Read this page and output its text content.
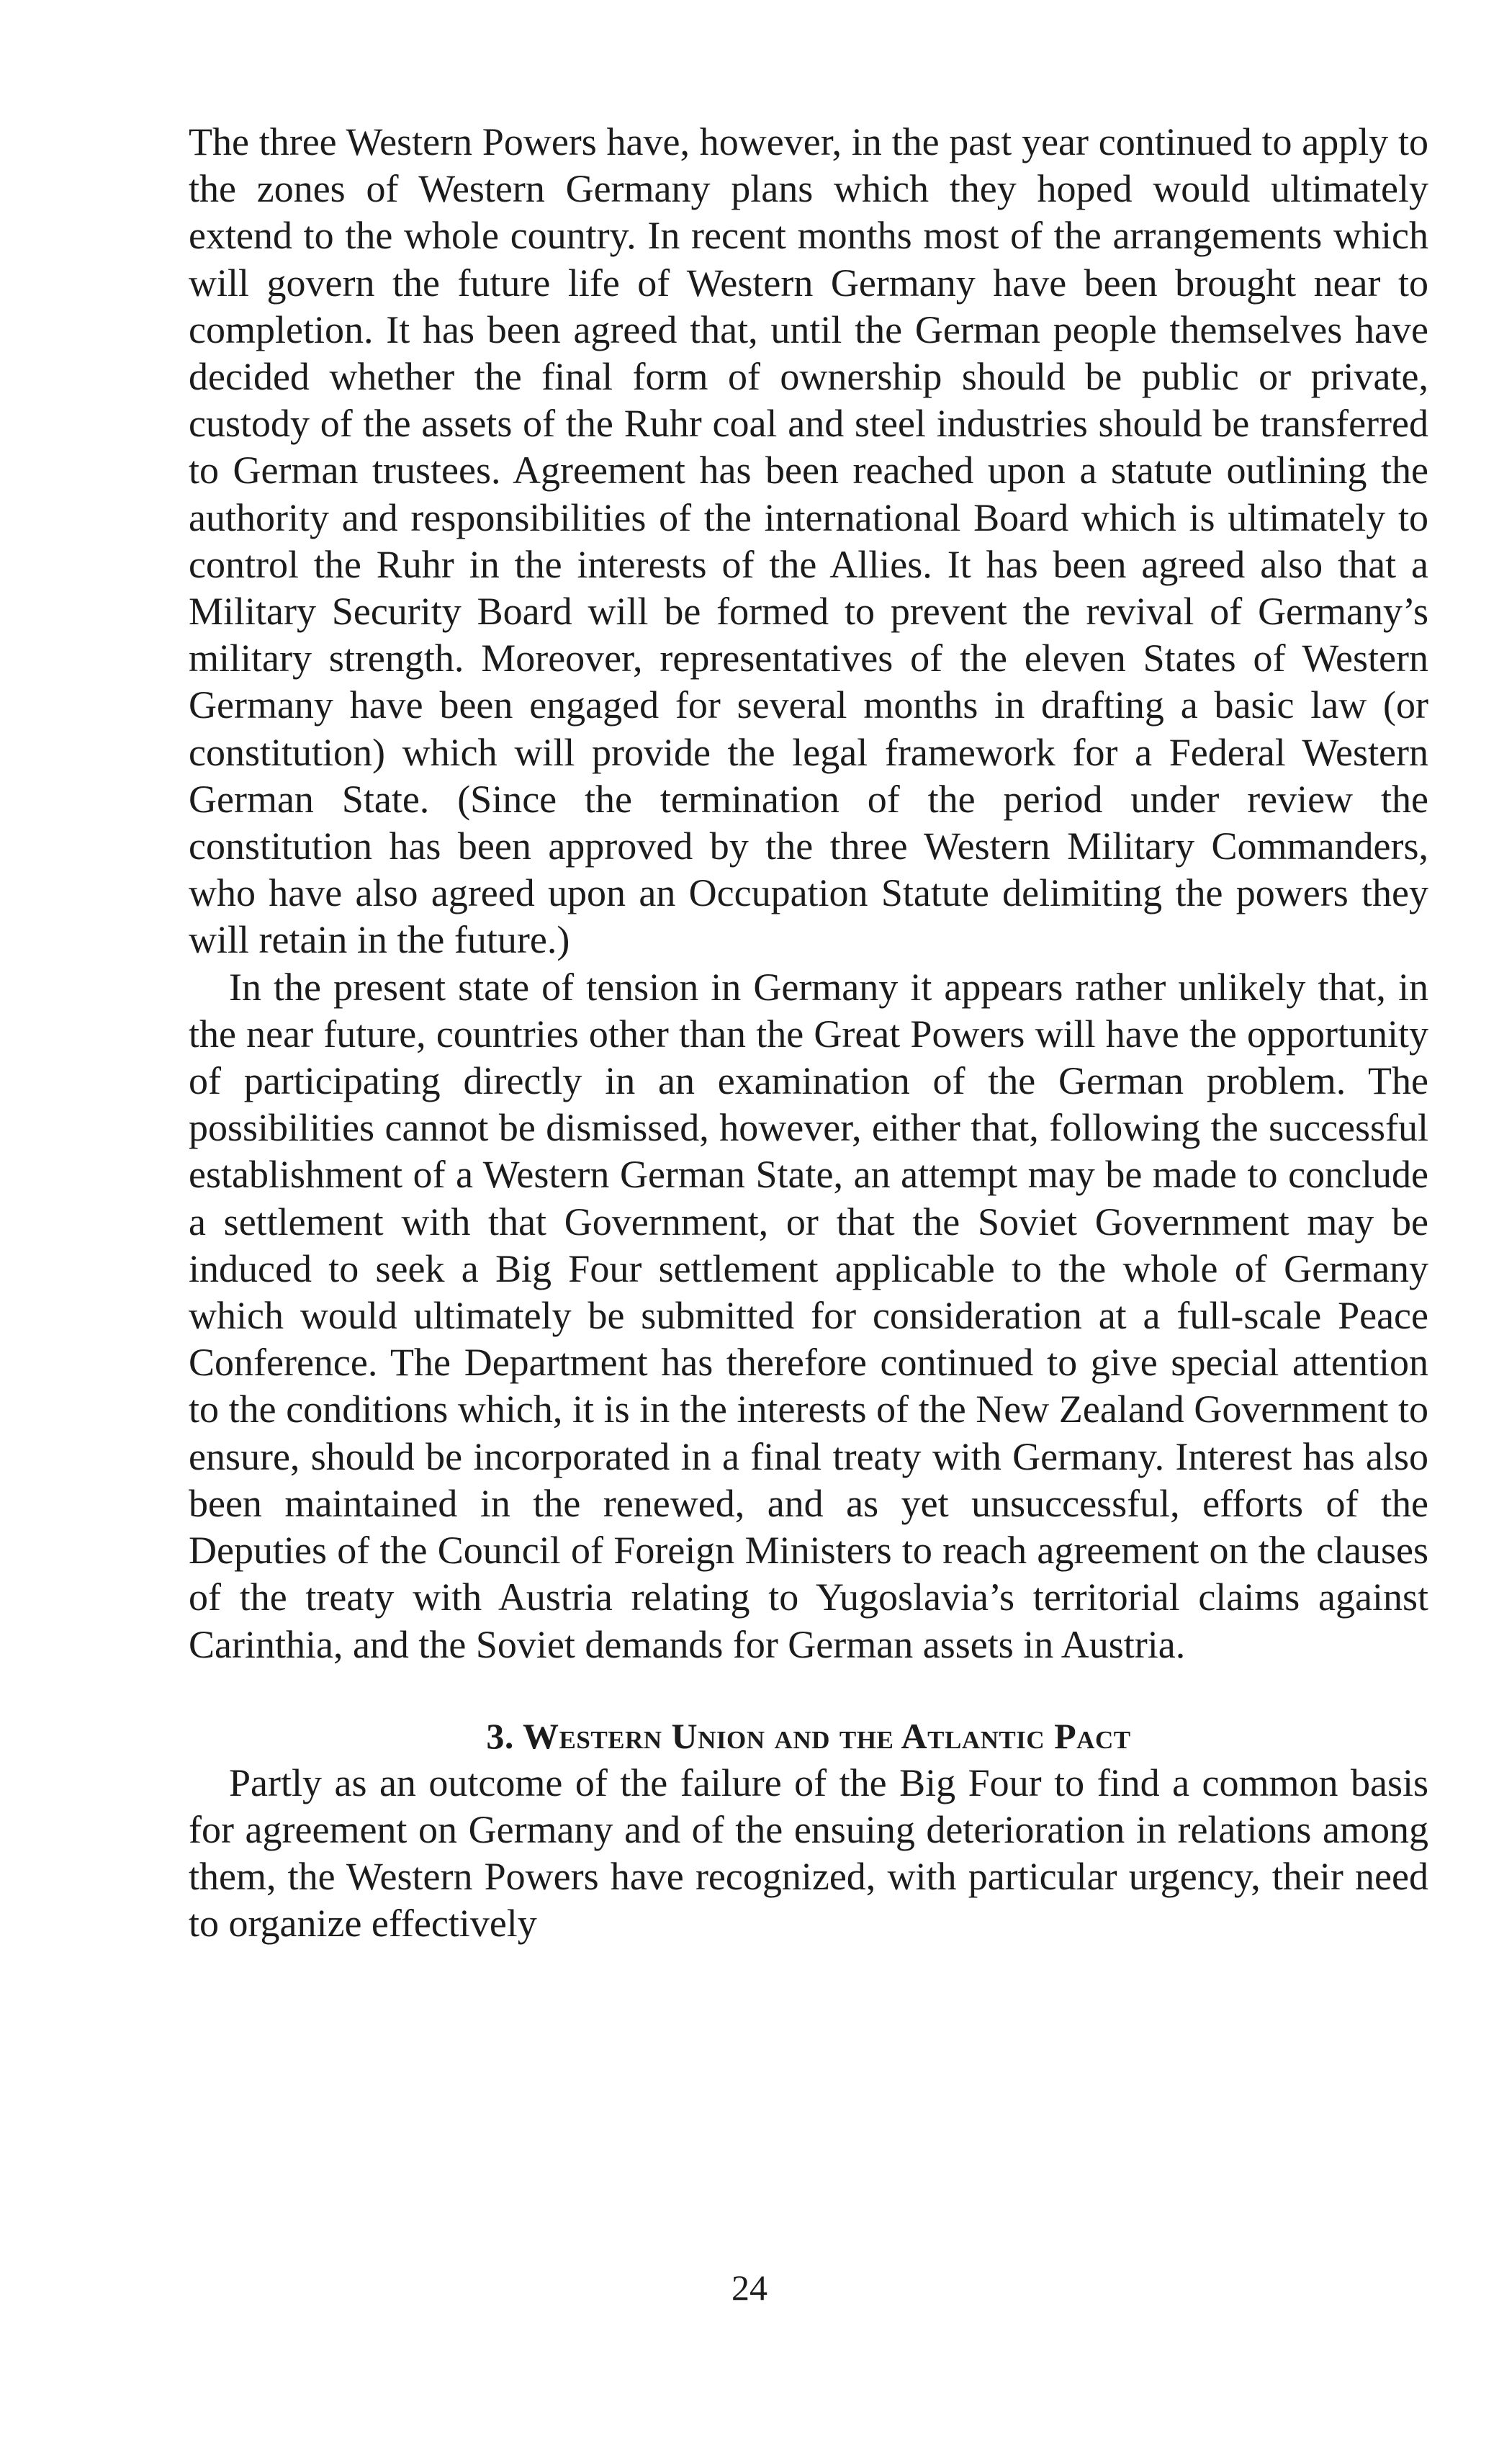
The three Western Powers have, however, in the past year continued to apply to the zones of Western Germany plans which they hoped would ultimately extend to the whole country. In recent months most of the arrangements which will govern the future life of Western Germany have been brought near to completion. It has been agreed that, until the German people themselves have decided whether the final form of ownership should be public or private, custody of the assets of the Ruhr coal and steel industries should be transferred to German trustees. Agreement has been reached upon a statute outlining the authority and responsibilities of the international Board which is ultimately to control the Ruhr in the interests of the Allies. It has been agreed also that a Military Security Board will be formed to prevent the revival of Germany’s military strength. Moreover, representatives of the eleven States of Western Germany have been engaged for several months in drafting a basic law (or constitution) which will provide the legal framework for a Federal Western German State. (Since the termination of the period under review the constitution has been approved by the three Western Military Commanders, who have also agreed upon an Occupation Statute delimiting the powers they will retain in the future.)

In the present state of tension in Germany it appears rather unlikely that, in the near future, countries other than the Great Powers will have the opportunity of participating directly in an examination of the German problem. The possibilities cannot be dismissed, however, either that, following the successful establishment of a Western German State, an attempt may be made to conclude a settlement with that Government, or that the Soviet Government may be induced to seek a Big Four settlement applicable to the whole of Germany which would ultimately be submitted for consideration at a full-scale Peace Conference. The Department has therefore continued to give special attention to the conditions which, it is in the interests of the New Zealand Government to ensure, should be incorporated in a final treaty with Germany. Interest has also been maintained in the renewed, and as yet unsuccessful, efforts of the Deputies of the Council of Foreign Ministers to reach agreement on the clauses of the treaty with Austria relating to Yugoslavia’s territorial claims against Carinthia, and the Soviet demands for German assets in Austria.

3. Western Union and the Atlantic Pact

Partly as an outcome of the failure of the Big Four to find a common basis for agreement on Germany and of the ensuing deterioration in relations among them, the Western Powers have recognized, with particular urgency, their need to organize effectively

24
